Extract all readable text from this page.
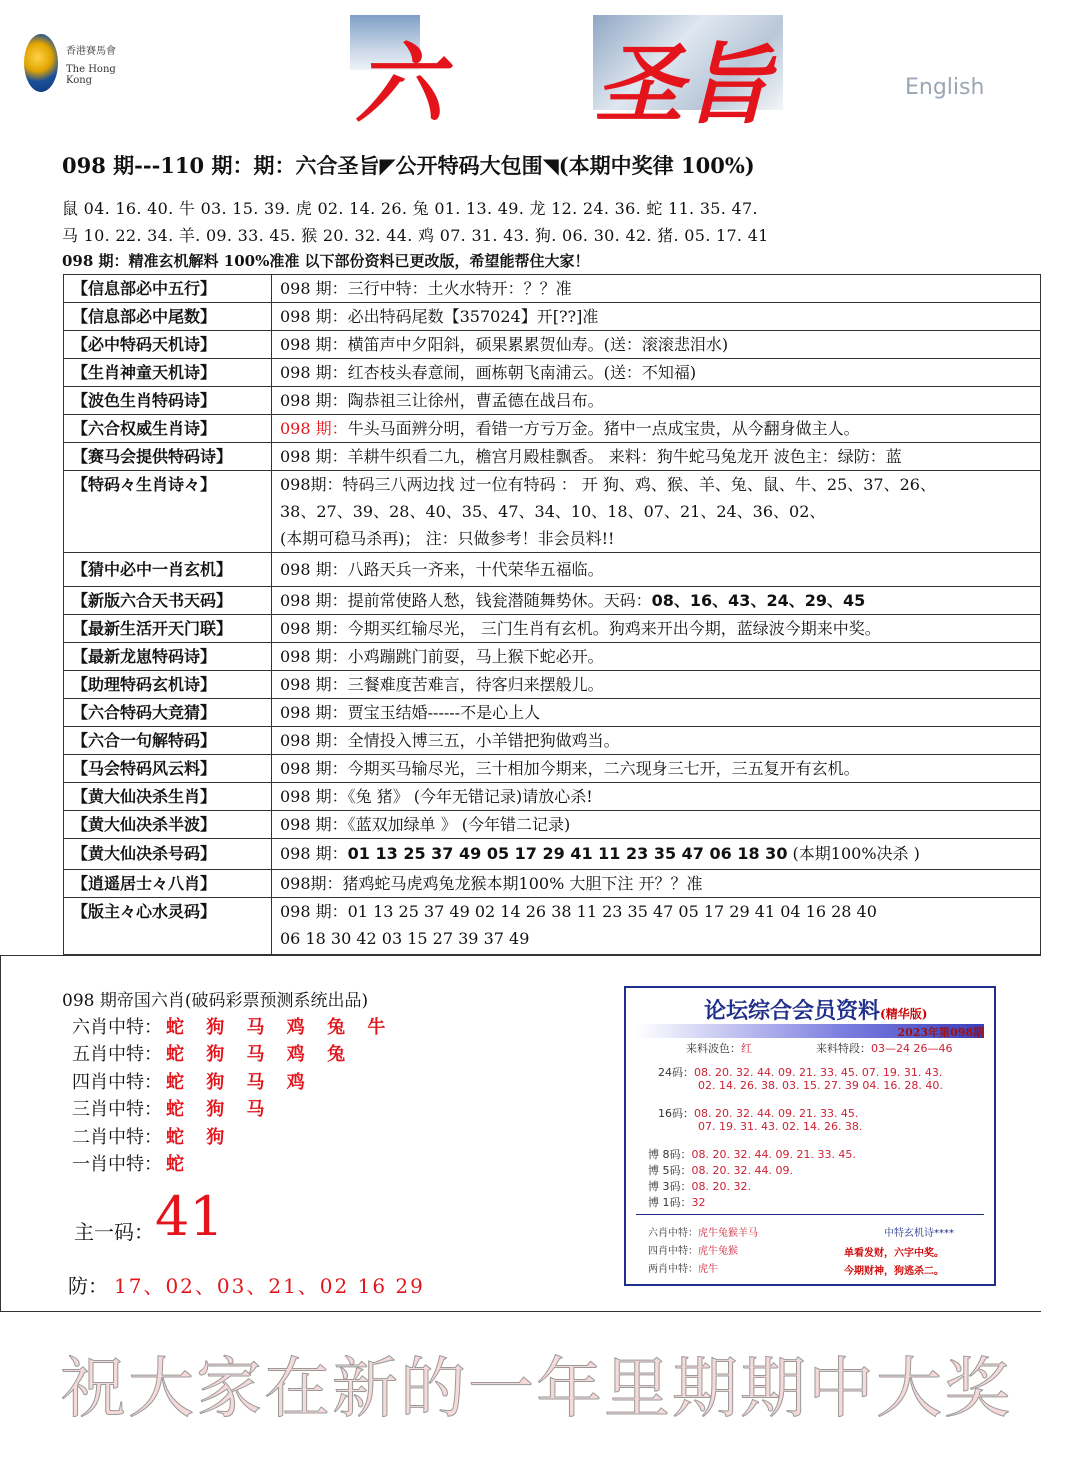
香港賽馬會
The Hong Kong	六 圣旨	English
098 期---110 期：期：六合圣旨◤公开特码大包围◥(本期中奖律 100%)
鼠 04. 16. 40. 牛 03. 15. 39. 虎 02. 14. 26. 兔 01. 13. 49. 龙 12. 24. 36. 蛇 11. 35. 47.
马 10. 22. 34. 羊. 09. 33. 45. 猴 20. 32. 44. 鸡 07. 31. 43. 狗. 06. 30. 42. 猪. 05. 17. 41
098 期：精准玄机解料 100%准准 以下部份资料已更改版，希望能帮住大家！
【信息部必中五行】	098 期：三行中特：土火水特开：？？准
【信息部必中尾数】	098 期：必出特码尾数【357024】开[??]准
【必中特码天机诗】	098 期：横笛声中夕阳斜，硕果累累贺仙寿。(送：滚滚悲泪水)
【生肖神童天机诗】	098 期：红杏枝头春意闹，画栋朝飞南浦云。(送：不知福)
【波色生肖特码诗】	098 期：陶恭祖三让徐州，曹孟德在战吕布。
【六合权威生肖诗】	098 期：牛头马面辨分明，看错一方亏万金。猪中一点成宝贵，从今翻身做主人。
【赛马会提供特码诗】	098 期：羊耕牛织看二九，檐宫月殿桂飘香。 来料：狗牛蛇马兔龙开 波色主：绿防：蓝
【特码々生肖诗々】	098期：特码三八两边找 过一位有特码 ： 开 狗、鸡、猴、羊、兔、鼠、牛、25、37、26、
38、27、39、28、40、35、47、34、10、18、07、21、24、36、02、
(本期可稳马杀再)； 注：只做参考！非会员料!!

【猜中必中一肖玄机】	098 期：八路天兵一齐来，十代荣华五福临。
【新版六合天书天码】	098 期：提前常使路人愁，钱瓮潜随舞势休。天码：08、16、43、24、29、45
【最新生活开天门联】	098 期：今期买红输尽光， 三门生肖有玄机。狗鸡来开出今期，蓝绿波今期来中奖。
【最新龙崽特码诗】	098 期：小鸡蹦跳门前耍，马上猴下蛇必开。
【助理特码玄机诗】	098 期：三餐难度苦难言，待客归来摆般儿。
【六合特码大竞猜】	098 期：贾宝玉结婚------不是心上人
【六合一句解特码】	098 期：全情投入博三五，小羊错把狗做鸡当。
【马会特码风云料】	098 期：今期买马输尽光，三十相加今期来，二六现身三七开，三五复开有玄机。
【黄大仙决杀生肖】	098 期：《兔 猪》 (今年无错记录)请放心杀!
【黄大仙决杀半波】	098 期：《蓝双加绿单 》 (今年错二记录)
【黄大仙决杀号码】	098 期：01 13 25 37 49 05 17 29 41 11 23 35 47 06 18 30 (本期100%决杀 )
【逍遥居士々八肖】	098期：猪鸡蛇马虎鸡兔龙猴本期100% 大胆下注 开？？准
【版主々心水灵码】	098 期：01 13 25 37 49 02 14 26 38 11 23 35 47 05 17 29 41 04 16 28 40
06 18 30 42 03 15 27 39 37 49
098 期帝国六肖(破码彩票预测系统出品)
六肖中特： 蛇 狗 马 鸡 兔 牛
五肖中特： 蛇 狗 马 鸡 兔
四肖中特： 蛇 狗 马 鸡
三肖中特： 蛇 狗 马
二肖中特： 蛇 狗
一肖中特： 蛇
主一码： 41
防： 17、02、03、21、02 16 29
论坛综合会员资料(精华版)
2023年第098期
来料波色：红	来料特段：03—24 26—46
24码：08. 20. 32. 44. 09. 21. 33. 45. 07. 19. 31. 43.
02. 14. 26. 38. 03. 15. 27. 39 04. 16. 28. 40.
16码：08. 20. 32. 44. 09. 21. 33. 45.
07. 19. 31. 43. 02. 14. 26. 38.
博 8码：08. 20. 32. 44. 09. 21. 33. 45.
博 5码：08. 20. 32. 44. 09.
博 3码：08. 20. 32.
博 1码：32
六肖中特：虎牛兔猴羊马
四肖中特：虎牛兔猴
两肖中特：虎牛
中特玄机诗****
单看发财，六字中奖。
今期财神，狗逃杀二。
祝大家在新的一年里期期中大奖
